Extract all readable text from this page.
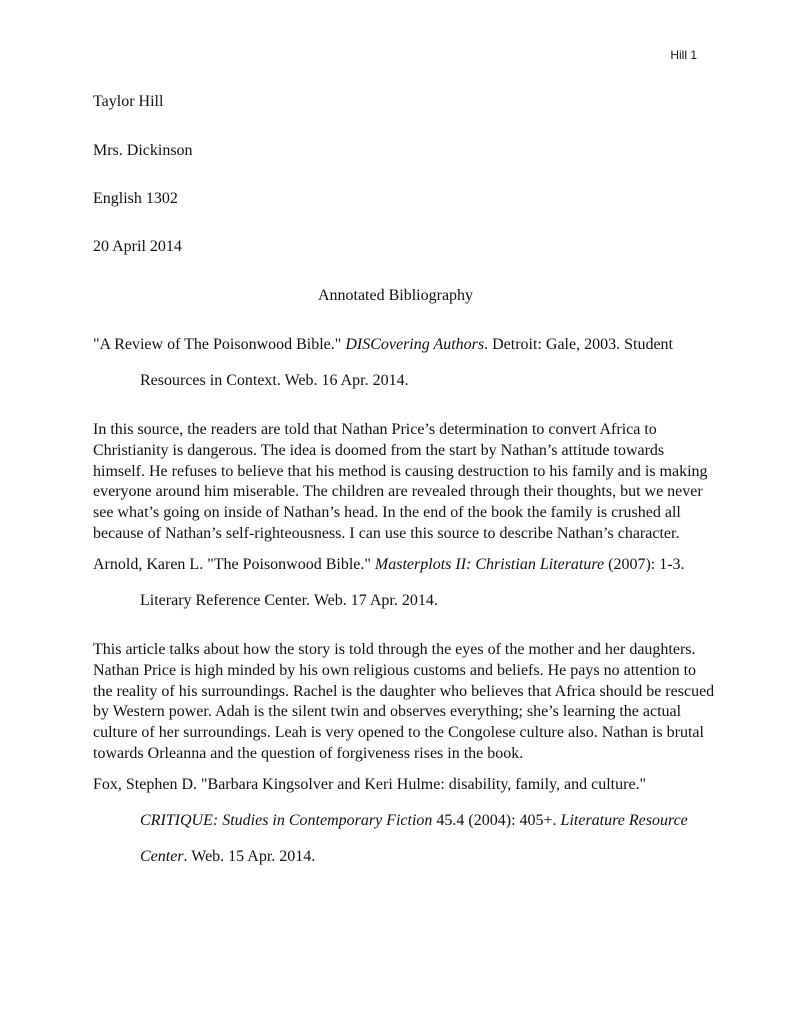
Hill 1
Taylor Hill
Mrs. Dickinson
English 1302
20 April 2014
Annotated Bibliography
"A Review of The Poisonwood Bible." DISCovering Authors. Detroit: Gale, 2003. Student
Resources in Context. Web. 16 Apr. 2014.
In this source, the readers are told that Nathan Price’s determination to convert Africa to
Christianity is dangerous. The idea is doomed from the start by Nathan’s attitude towards
himself. He refuses to believe that his method is causing destruction to his family and is making
everyone around him miserable. The children are revealed through their thoughts, but we never
see what’s going on inside of Nathan’s head. In the end of the book the family is crushed all
because of Nathan’s self-righteousness. I can use this source to describe Nathan’s character.
Arnold, Karen L. "The Poisonwood Bible." Masterplots II: Christian Literature (2007): 1-3.
Literary Reference Center. Web. 17 Apr. 2014.
This article talks about how the story is told through the eyes of the mother and her daughters.
Nathan Price is high minded by his own religious customs and beliefs. He pays no attention to
the reality of his surroundings. Rachel is the daughter who believes that Africa should be rescued
by Western power. Adah is the silent twin and observes everything; she’s learning the actual
culture of her surroundings. Leah is very opened to the Congolese culture also. Nathan is brutal
towards Orleanna and the question of forgiveness rises in the book.
Fox, Stephen D. "Barbara Kingsolver and Keri Hulme: disability, family, and culture."
CRITIQUE: Studies in Contemporary Fiction 45.4 (2004): 405+. Literature Resource
Center. Web. 15 Apr. 2014.
